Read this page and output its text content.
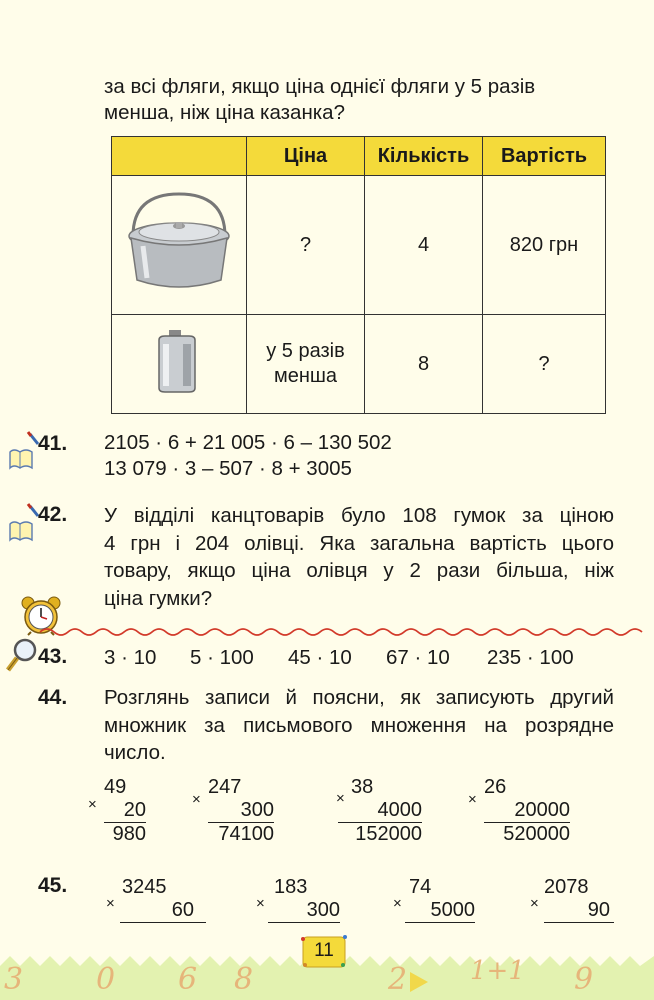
за всі фляги, якщо ціна однієї фляги у 5 разів
менша, ніж ціна казанка?
	Ціна	Кількість	Вартість
	?	4	820 грн
	у 5 разів
менша	8	?
41. 2105 · 6 + 21 005 · 6 – 130 502
13 079 · 3 – 507 · 8 + 3005
42. У відділі канцтоварів було 108 гумок за ціною
4 грн і 204 олівці. Яка загальна вартість цього
товару, якщо ціна олівця у 2 рази більша, ніж
ціна гумки?
43. 3 · 10 5 · 100 45 · 10 67 · 10 235 · 100
44. Розглянь записи й поясни, як записують другий
множник за письмового множення на розрядне
число.
×
49
20
980
×
247
300
74100
×
38
4000
152000
×
26
20000
520000
45.
×
3245
60	×
183
300	×
74
5000	×
2078
90
3 0 6 8	2 1+1 9
11
